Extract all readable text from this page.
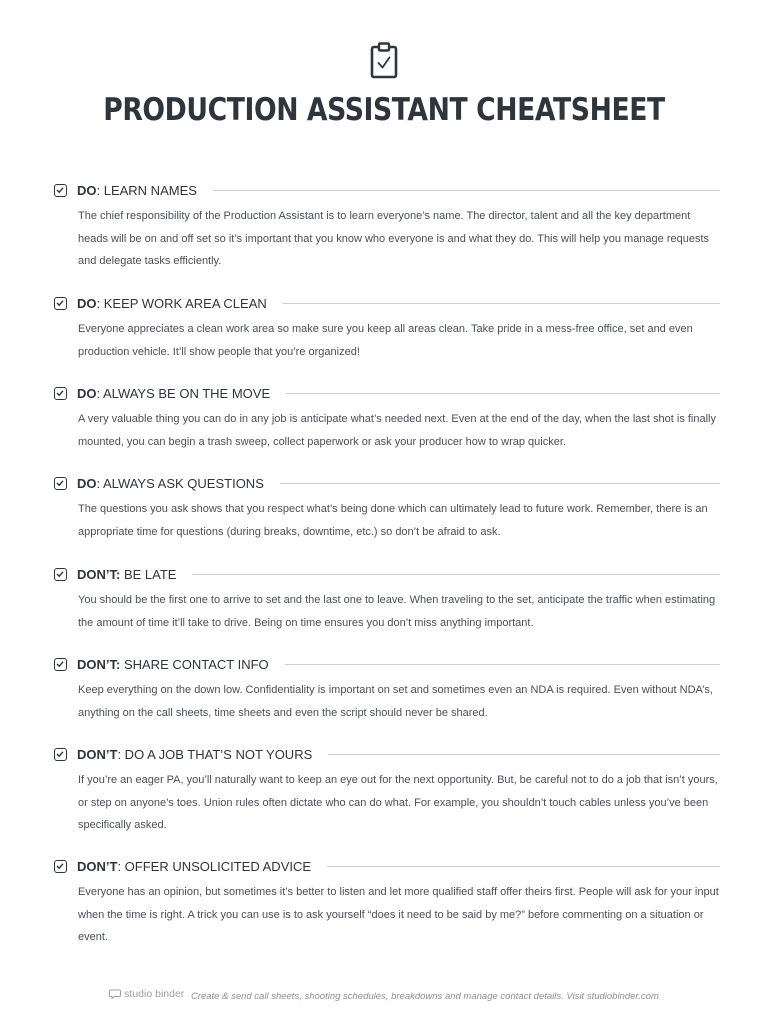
PRODUCTION ASSISTANT CHEATSHEET
DO: LEARN NAMES

The chief responsibility of the Production Assistant is to learn everyone’s name. The director, talent and all the key department heads will be on and off set so it’s important that you know who everyone is and what they do. This will help you manage requests and delegate tasks efficiently.

DO: KEEP WORK AREA CLEAN

Everyone appreciates a clean work area so make sure you keep all areas clean. Take pride in a mess-free office, set and even production vehicle. It’ll show people that you’re organized!

DO: ALWAYS BE ON THE MOVE

A very valuable thing you can do in any job is anticipate what’s needed next. Even at the end of the day, when the last shot is finally mounted, you can begin a trash sweep, collect paperwork or ask your producer how to wrap quicker.

DO: ALWAYS ASK QUESTIONS

The questions you ask shows that you respect what’s being done which can ultimately lead to future work. Remember, there is an appropriate time for questions (during breaks, downtime, etc.) so don’t be afraid to ask.

DON’T: BE LATE

You should be the first one to arrive to set and the last one to leave. When traveling to the set, anticipate the traffic when estimating the amount of time it’ll take to drive. Being on time ensures you don’t miss anything important.

DON’T: SHARE CONTACT INFO

Keep everything on the down low. Confidentiality is important on set and sometimes even an NDA is required. Even without NDA’s, anything on the call sheets, time sheets and even the script should never be shared.

DON’T: DO A JOB THAT’S NOT YOURS

If you’re an eager PA, you’ll naturally want to keep an eye out for the next opportunity. But, be careful not to do a job that isn’t yours, or step on anyone’s toes. Union rules often dictate who can do what. For example, you shouldn’t touch cables unless you’ve been specifically asked.

DON’T: OFFER UNSOLICITED ADVICE

Everyone has an opinion, but sometimes it’s better to listen and let more qualified staff offer theirs first. People will ask for your input when the time is right. A trick you can use is to ask yourself “does it need to be said by me?” before commenting on a situation or event.

studio binder Create & send call sheets, shooting schedules, breakdowns and manage contact details. Visit studiobinder.com
